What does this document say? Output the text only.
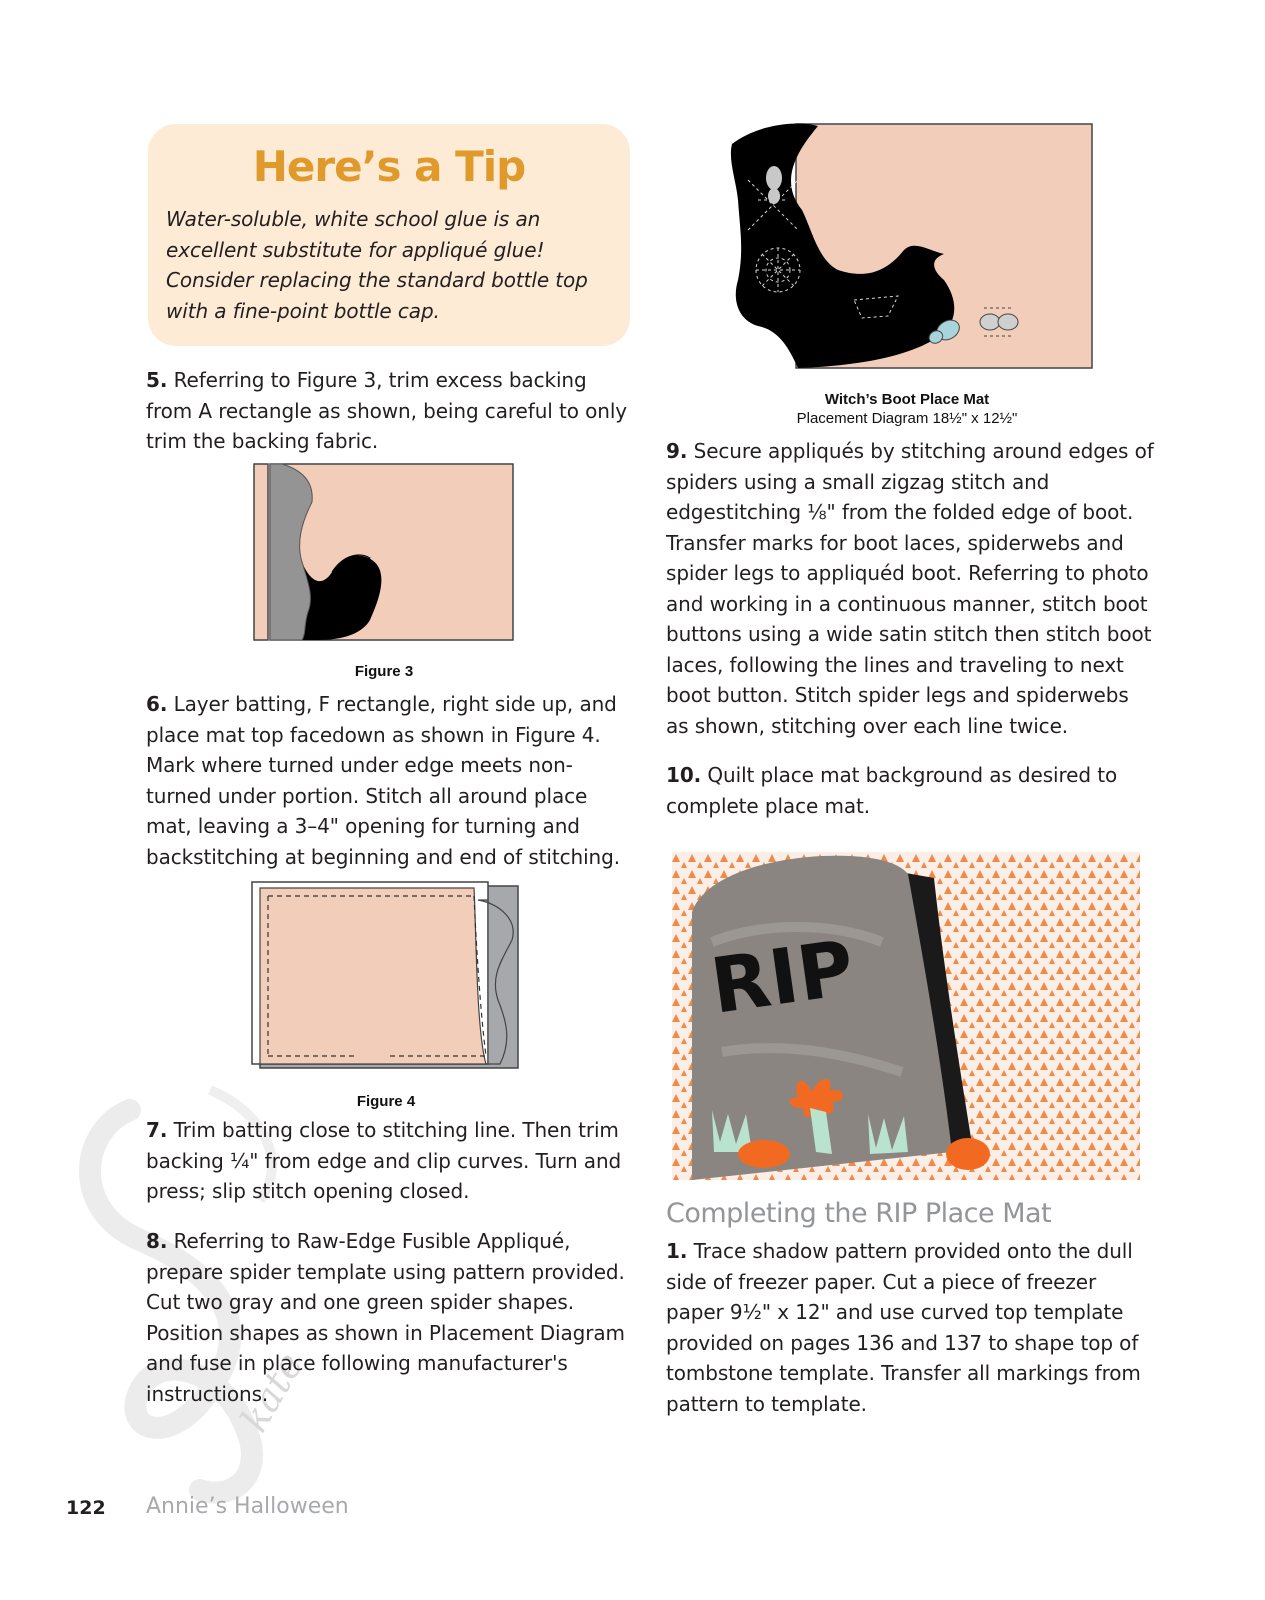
kate
Here’s a Tip
Water-soluble, white school glue is an excellent substitute for appliqué glue! Consider replacing the standard bottle top with a fine-point bottle cap.

5. Referring to Figure 3, trim excess backing from A rectangle as shown, being careful to only trim the backing fabric.

Figure 3

6. Layer batting, F rectangle, right side up, and place mat top facedown as shown in Figure 4. Mark where turned under edge meets non-turned under portion. Stitch all around place mat, leaving a 3–4" opening for turning and backstitching at beginning and end of stitching.

Figure 4

7. Trim batting close to stitching line. Then trim backing ¼" from edge and clip curves. Turn and press; slip stitch opening closed.

8. Referring to Raw-Edge Fusible Appliqué, prepare spider template using pattern provided. Cut two gray and one green spider shapes. Position shapes as shown in Placement Diagram and fuse in place following manufacturer's instructions.

Witch’s Boot Place Mat
Placement Diagram 18½" x 12½"

9. Secure appliqués by stitching around edges of spiders using a small zigzag stitch and edgestitching ⅛" from the folded edge of boot. Transfer marks for boot laces, spiderwebs and spider legs to appliquéd boot. Referring to photo and working in a continuous manner, stitch boot buttons using a wide satin stitch then stitch boot laces, following the lines and traveling to next boot button. Stitch spider legs and spiderwebs as shown, stitching over each line twice.

10. Quilt place mat background as desired to complete place mat.

RIP
Completing the RIP Place Mat

1. Trace shadow pattern provided onto the dull side of freezer paper. Cut a piece of freezer paper 9½" x 12" and use curved top template provided on pages 136 and 137 to shape top of tombstone template. Transfer all markings from pattern to template.

122 Annie’s Halloween
